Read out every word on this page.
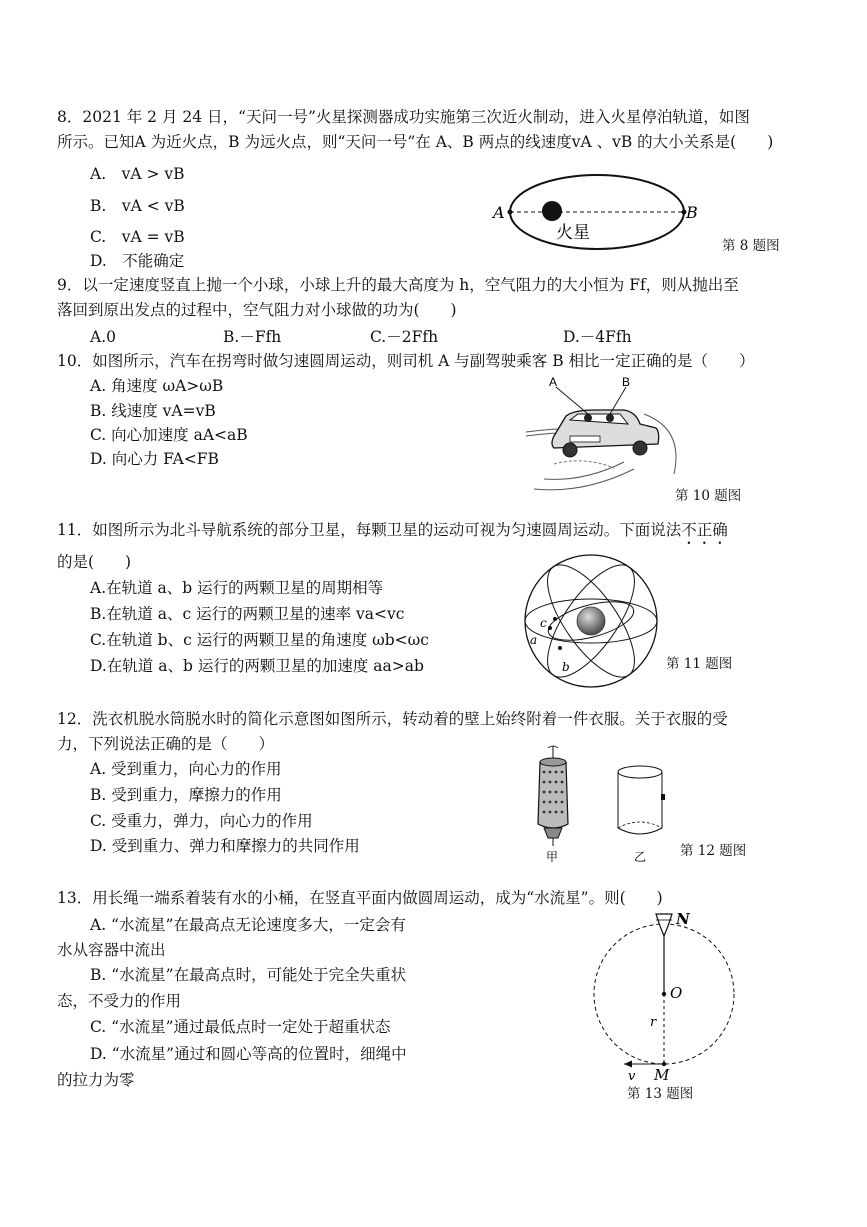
8．2021 年 2 月 24 日，“天问一号”火星探测器成功实施第三次近火制动，进入火星停泊轨道，如图
所示。已知A 为近火点，B 为远火点，则“天问一号”在 A、B 两点的线速度vA 、vB 的大小关系是(　　)
A.　vA > vB
B.　vA < vB
C.　vA = vB
D.　不能确定
A	B
火星
第 8 题图
9．以一定速度竖直上抛一个小球，小球上升的最大高度为 h，空气阻力的大小恒为 Ff，则从抛出至
落回到原出发点的过程中，空气阻力对小球做的功为(　　)
A.0	B.－Ffh	C.－2Ffh	D.－4Ffh
10．如图所示，汽车在拐弯时做匀速圆周运动，则司机 A 与副驾驶乘客 B 相比一定正确的是（　　）
A. 角速度 ωA>ωB
B. 线速度 vA=vB
C. 向心加速度 aA<aB
D. 向心力 FA<FB
A	B
第 10 题图
11．如图所示为北斗导航系统的部分卫星，每颗卫星的运动可视为匀速圆周运动。下面说法不正确
的是(　　)
A.在轨道 a、b 运行的两颗卫星的周期相等
B.在轨道 a、c 运行的两颗卫星的速率 va<vc
C.在轨道 b、c 运行的两颗卫星的角速度 ωb<ωc
D.在轨道 a、b 运行的两颗卫星的加速度 aa>ab
a
b
c
第 11 题图
12．洗衣机脱水筒脱水时的简化示意图如图所示，转动着的壁上始终附着一件衣服。关于衣服的受
力，下列说法正确的是（　　）
A. 受到重力，向心力的作用
B. 受到重力，摩擦力的作用
C. 受重力，弹力，向心力的作用
D. 受到重力、弹力和摩擦力的共同作用
甲	乙	第 12 题图
13．用长绳一端系着装有水的小桶，在竖直平面内做圆周运动，成为“水流星”。则(　　)
A. “水流星”在最高点无论速度多大，一定会有
水从容器中流出
B. “水流星”在最高点时，可能处于完全失重状
态，不受力的作用
C. “水流星”通过最低点时一定处于超重状态
D. “水流星”通过和圆心等高的位置时，细绳中
的拉力为零
N
O
r
M
v
第 13 题图
